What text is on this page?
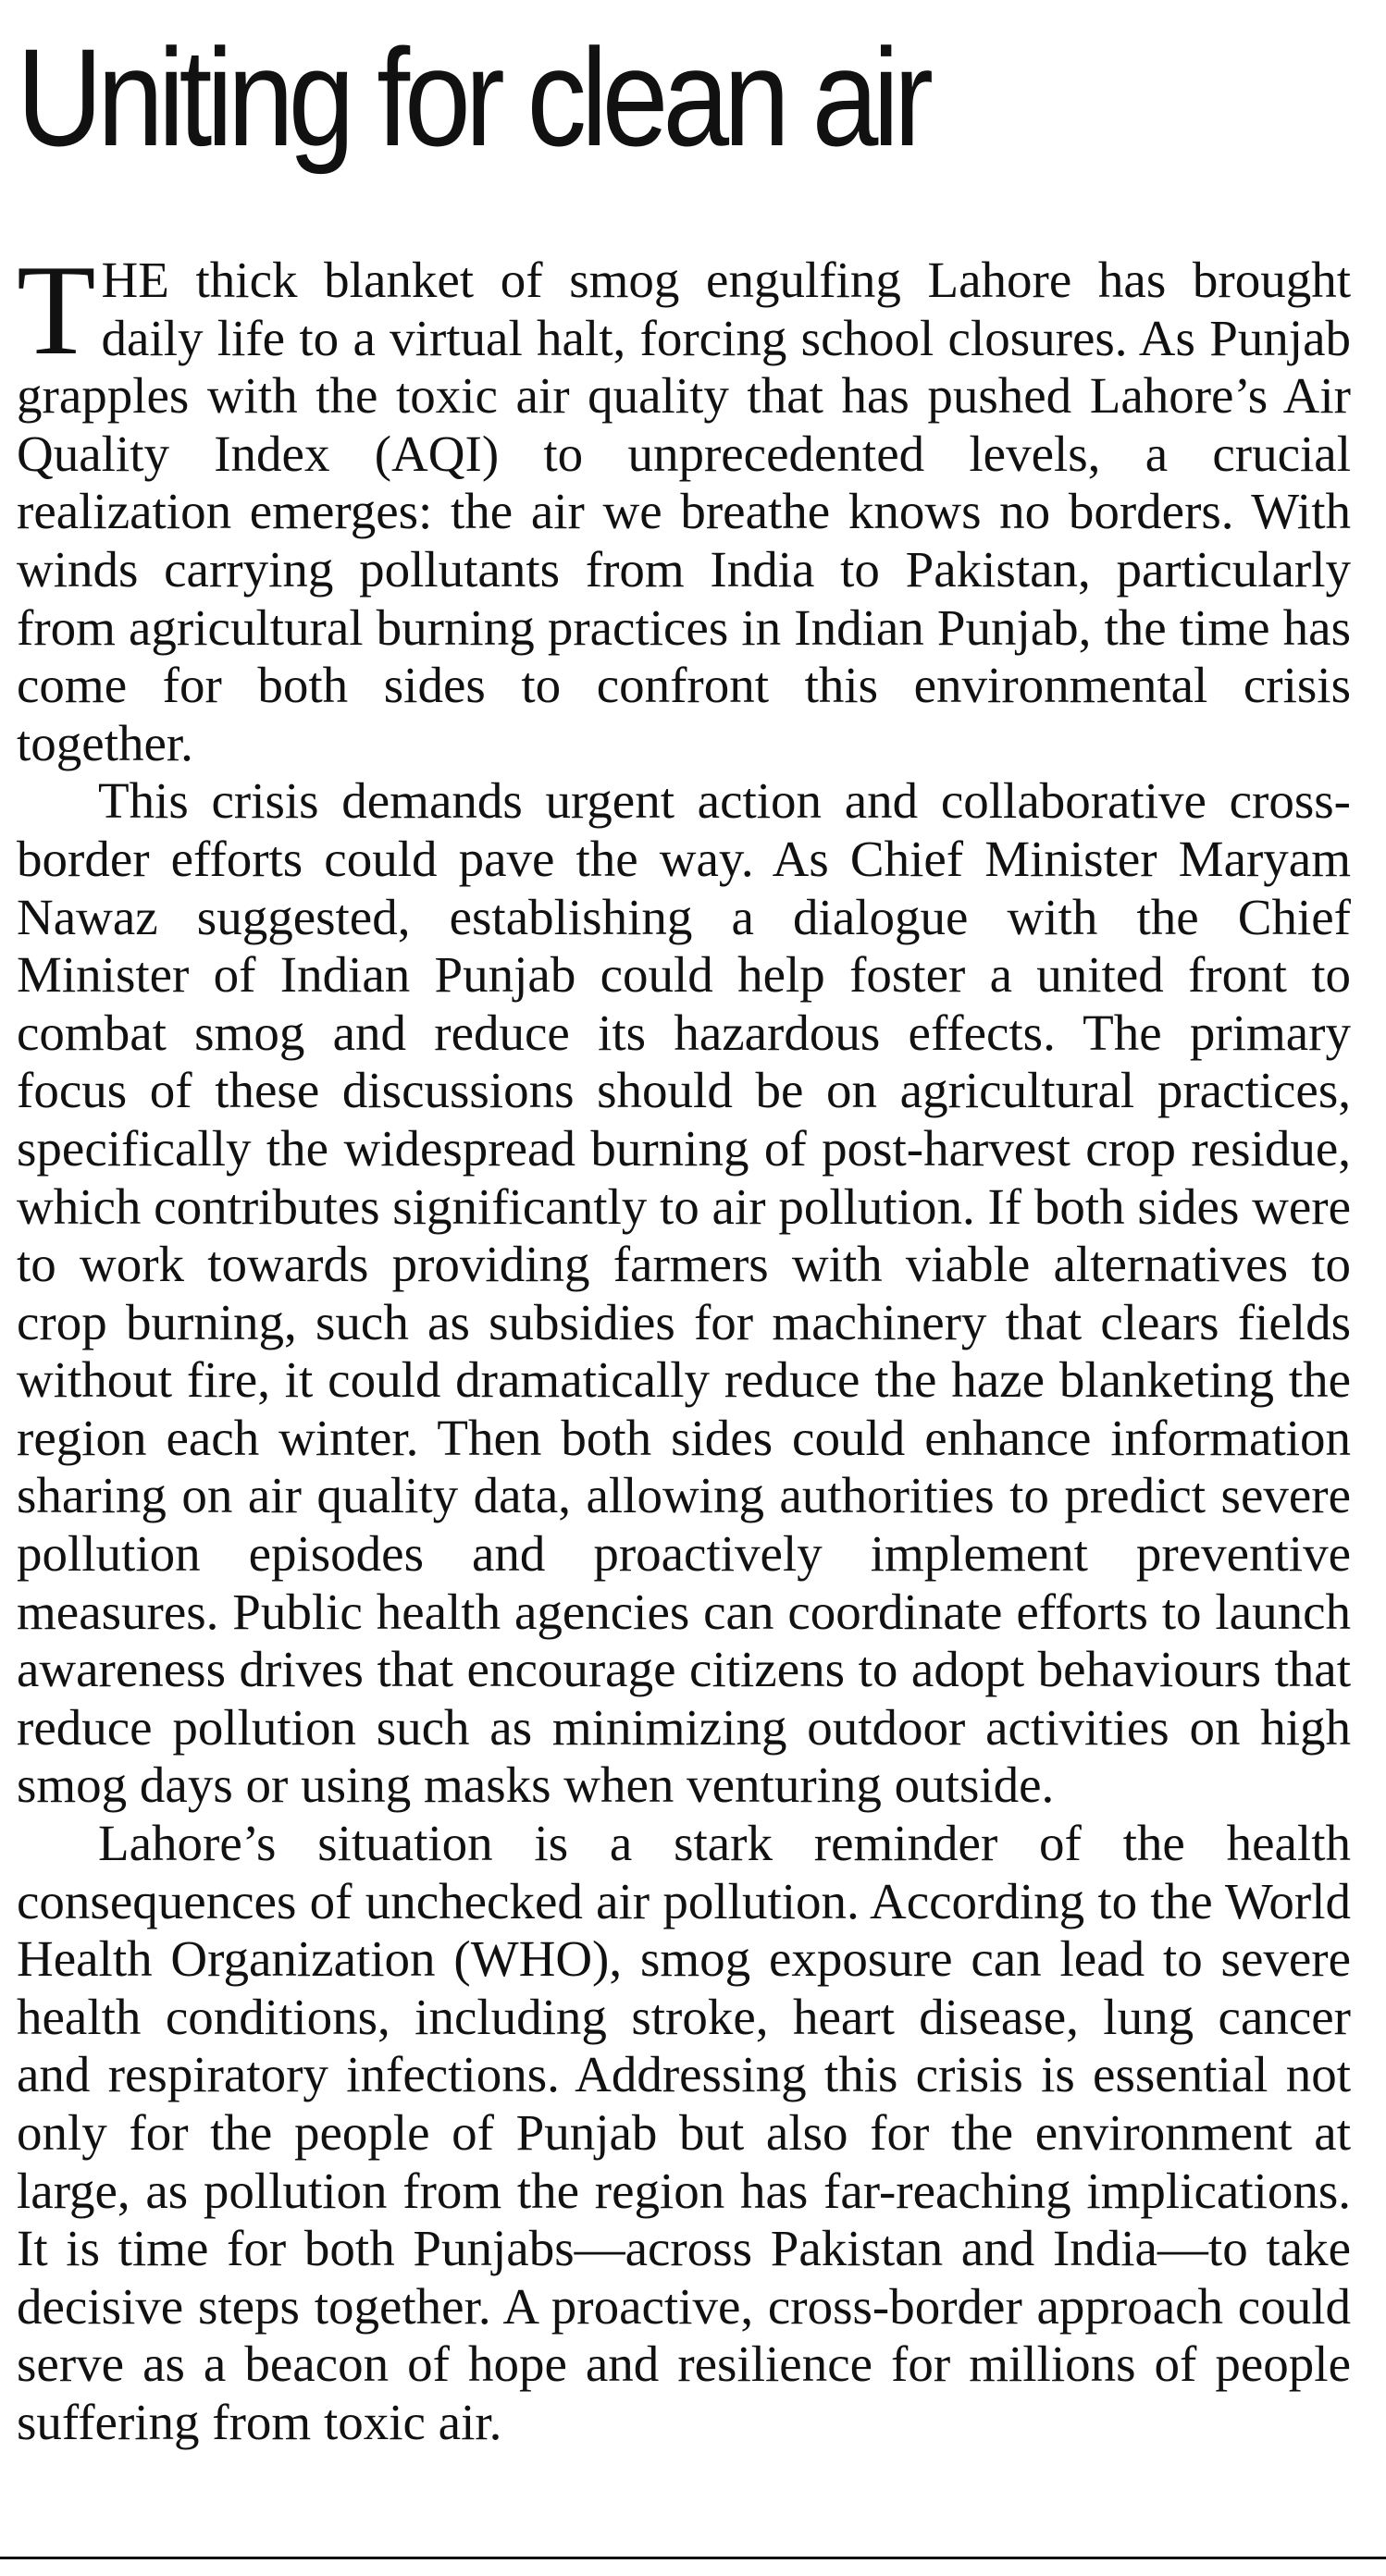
Uniting for clean air

THE thick blanket of smog engulfing Lahore has brought daily life to a virtual halt, forcing school closures. As Punjab grapples with the toxic air quality that has pushed Lahore’s Air Quality Index (AQI) to unprecedented levels, a crucial realization emerges: the air we breathe knows no borders. With winds carrying pollutants from India to Pakistan, particularly from agricultural burning practices in Indian Punjab, the time has come for both sides to confront this environmental crisis together.

This crisis demands urgent action and collaborative cross-border efforts could pave the way. As Chief Minister Maryam Nawaz suggested, establishing a dialogue with the Chief Minister of Indian Punjab could help foster a united front to combat smog and reduce its hazardous effects. The primary focus of these discussions should be on agricultural practices, specifically the widespread burning of post-harvest crop residue, which contributes significantly to air pollution. If both sides were to work towards providing farmers with viable alternatives to crop burning, such as subsidies for machinery that clears fields without fire, it could dramatically reduce the haze blanketing the region each winter. Then both sides could enhance information sharing on air quality data, allowing authorities to predict severe pollution episodes and proactively implement preventive measures. Public health agencies can coordinate efforts to launch awareness drives that encourage citizens to adopt behaviours that reduce pollution such as minimizing outdoor activities on high smog days or using masks when venturing outside.

Lahore’s situation is a stark reminder of the health consequences of unchecked air pollution. According to the World Health Organization (WHO), smog exposure can lead to severe health conditions, including stroke, heart disease, lung cancer and respiratory infections. Addressing this crisis is essential not only for the people of Punjab but also for the environment at large, as pollution from the region has far-reaching implications. It is time for both Punjabs—across Pakistan and India—to take decisive steps together. A proactive, cross-border approach could serve as a beacon of hope and resilience for millions of people suffering from toxic air.
